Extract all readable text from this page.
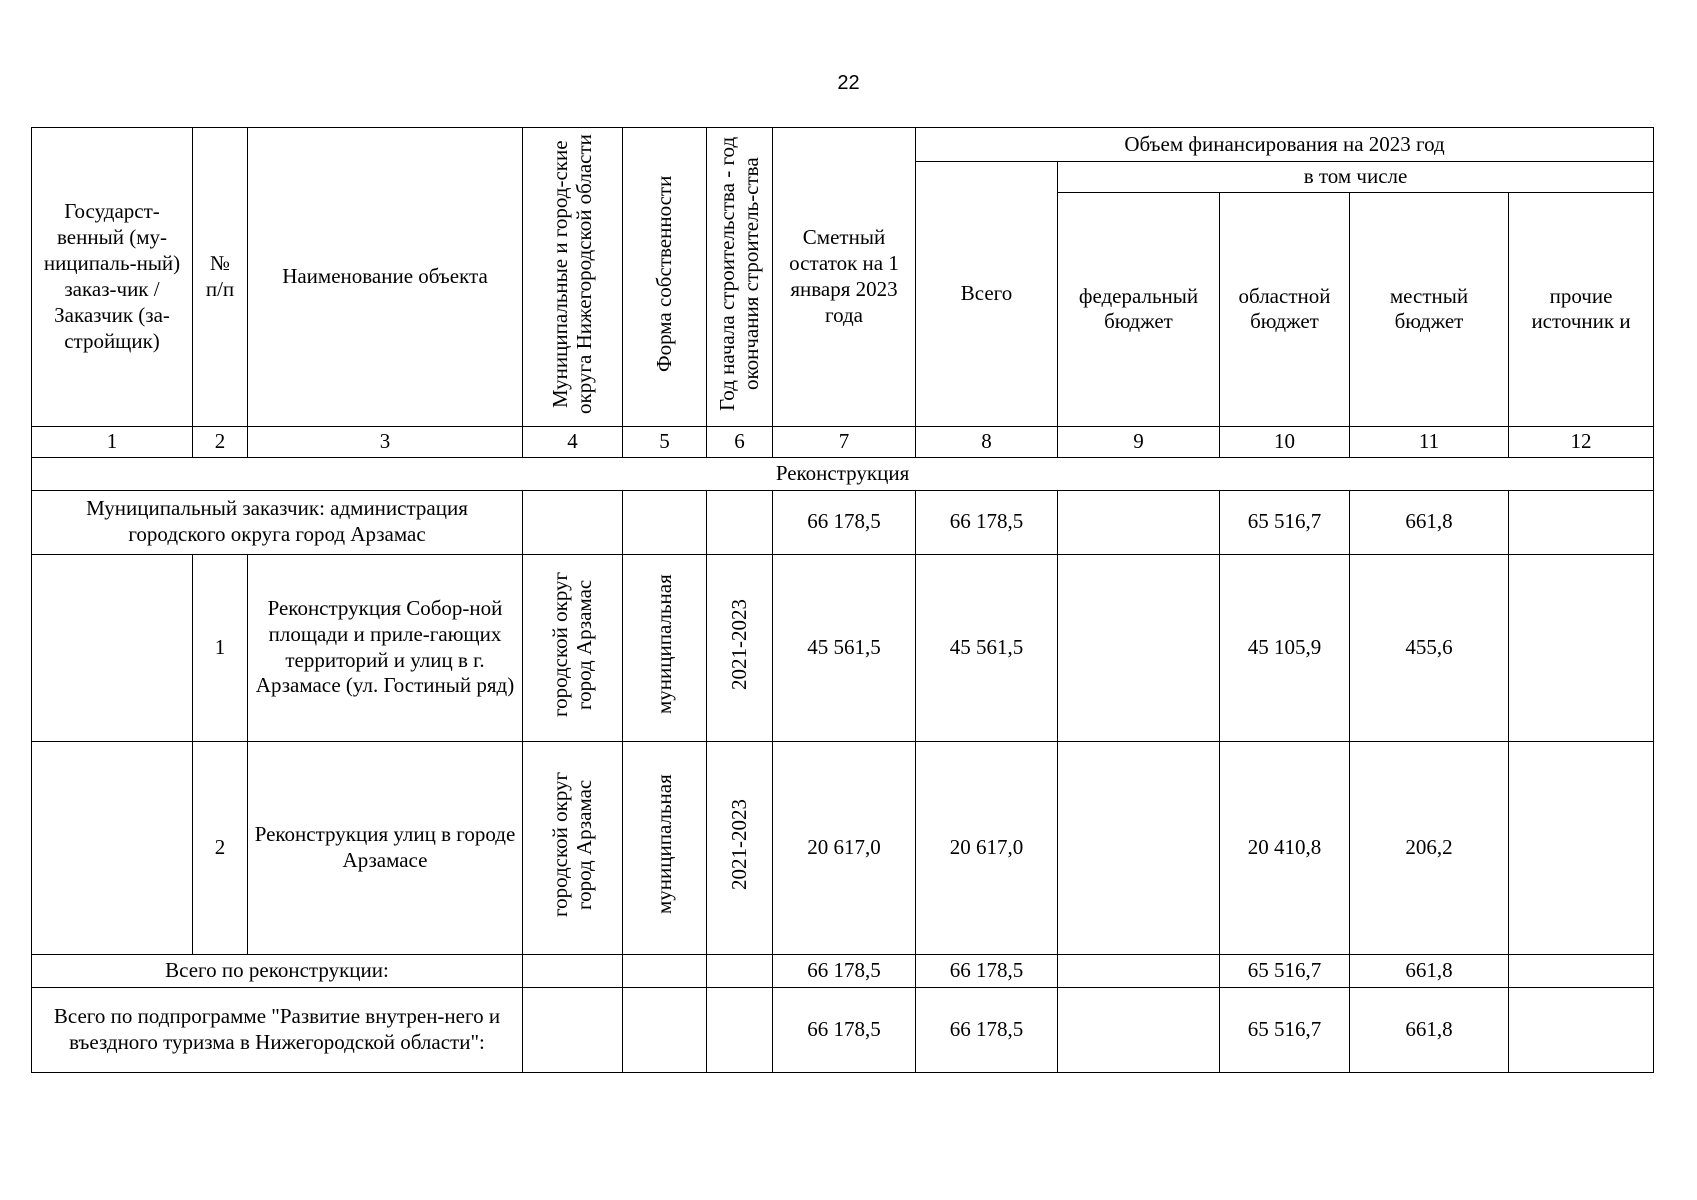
22
Государст-венный (му-ниципаль-ный) заказ-чик / Заказчик (за-стройщик)	№ п/п	Наименование объекта	Муниципальные и город-ские округа Нижегородской области	Форма собственности	Год начала строительства - год окончания строитель-ства	Сметный остаток на 1 января 2023 года	Объем финансирования на 2023 год				
							Всего	в том числе			
								федеральный бюджет	областной бюджет	местный бюджет	прочие источник и
1	2	3	4	5	6	7	8	9	10	11	12
Реконструкция											
Муниципальный заказчик: администрация городского округа город Арзамас						66 178,5	66 178,5		65 516,7	661,8	
	1	Реконструкция Собор-ной площади и приле-гающих территорий и улиц в г. Арзамасе (ул. Гостиный ряд)	городской округ город Арзамас	муниципальная	2021-2023	45 561,5	45 561,5		45 105,9	455,6	
	2	Реконструкция улиц в городе Арзамасе	городской округ город Арзамас	муниципальная	2021-2023	20 617,0	20 617,0		20 410,8	206,2	
Всего по реконструкции:						66 178,5	66 178,5		65 516,7	661,8	
Всего по подпрограмме "Развитие внутрен-него и въездного туризма в Нижегородской области":						66 178,5	66 178,5		65 516,7	661,8	
